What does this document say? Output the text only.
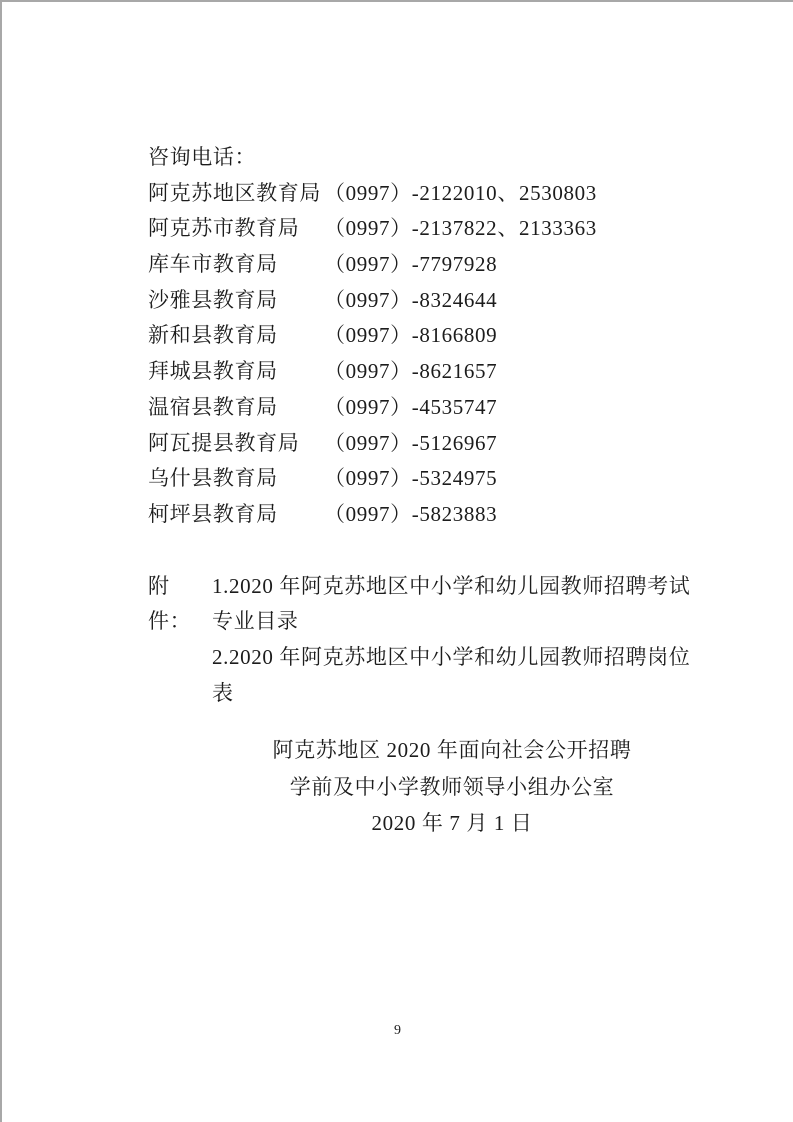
咨询电话：
阿克苏地区教育局 （0997）-2122010、2530803
阿克苏市教育局 （0997）-2137822、2133363
库车市教育局 （0997）-7797928
沙雅县教育局 （0997）-8324644
新和县教育局 （0997）-8166809
拜城县教育局 （0997）-8621657
温宿县教育局 （0997）-4535747
阿瓦提县教育局 （0997）-5126967
乌什县教育局 （0997）-5324975
柯坪县教育局 （0997）-5823883
附件：
1.2020 年阿克苏地区中小学和幼儿园教师招聘考试
专业目录
2.2020 年阿克苏地区中小学和幼儿园教师招聘岗位
表
阿克苏地区 2020 年面向社会公开招聘
学前及中小学教师领导小组办公室
2020 年 7 月 1 日
9
